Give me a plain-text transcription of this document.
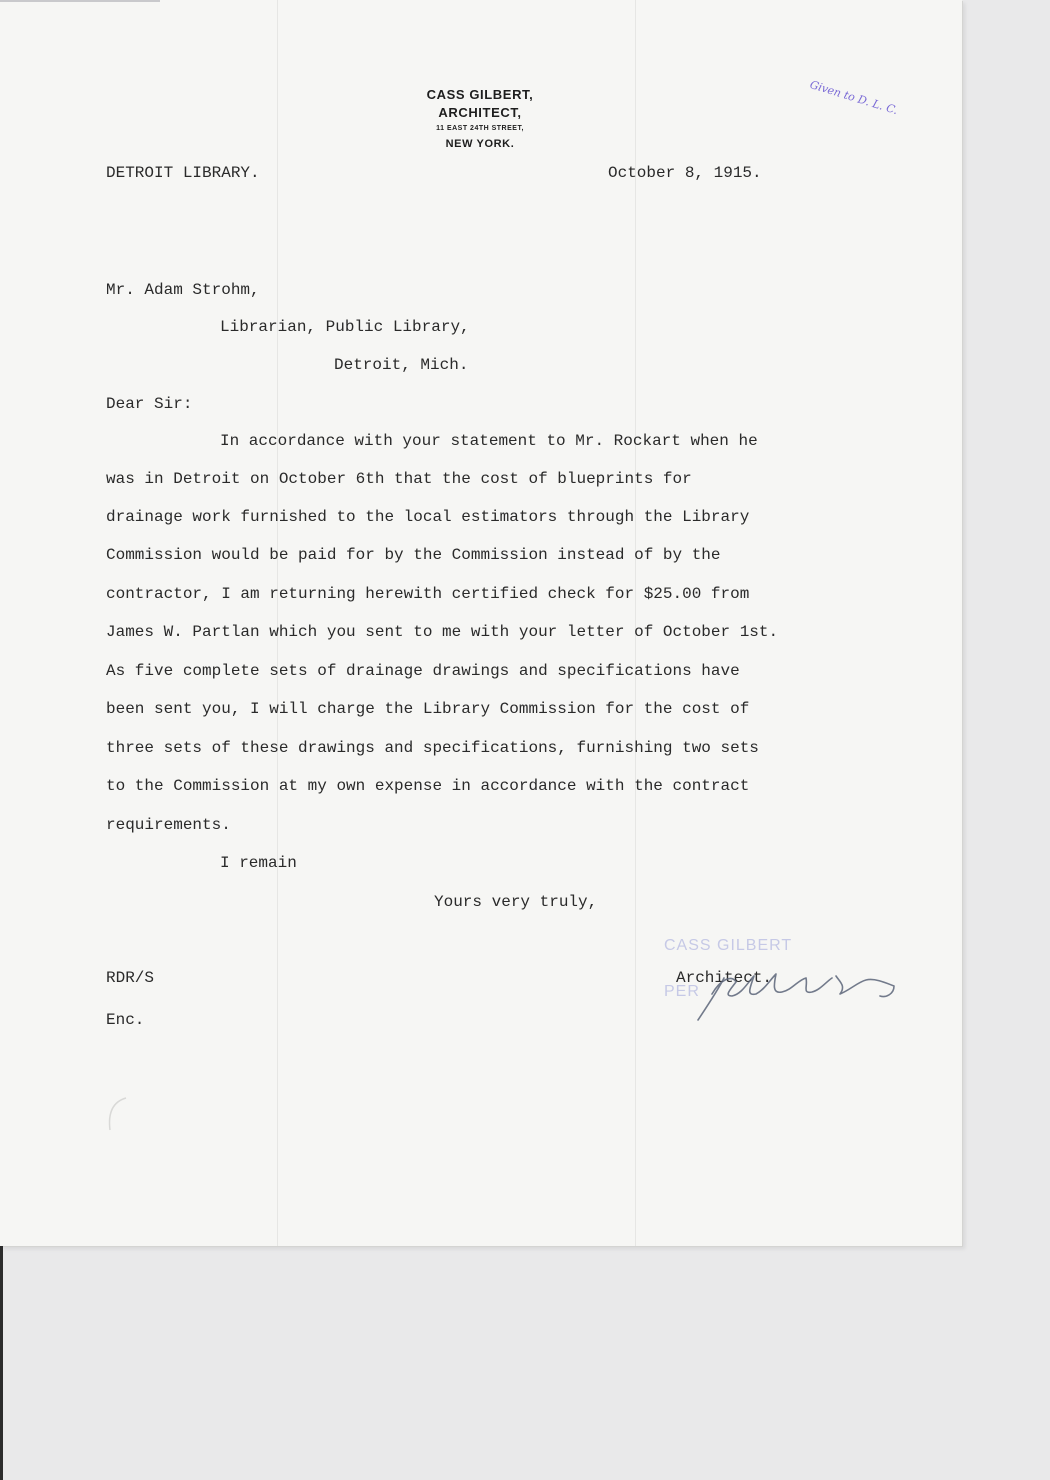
CASS GILBERT,
ARCHITECT,
11 EAST 24TH STREET,
NEW YORK.
Given to D. L. C.
DETROIT LIBRARY.	October 8, 1915.
Mr. Adam Strohm,
Librarian, Public Library,
Detroit, Mich.
Dear Sir:
In accordance with your statement to Mr. Rockart when he
was in Detroit on October 6th that the cost of blueprints for
drainage work furnished to the local estimators through the Library
Commission would be paid for by the Commission instead of by the
contractor, I am returning herewith certified check for $25.00 from
James W. Partlan which you sent to me with your letter of October 1st.
As five complete sets of drainage drawings and specifications have
been sent you, I will charge the Library Commission for the cost of
three sets of these drawings and specifications, furnishing two sets
to the Commission at my own expense in accordance with the contract
requirements.
I remain
Yours very truly,
CASS GILBERT
PER
Architect.
RDR/S
Enc.
